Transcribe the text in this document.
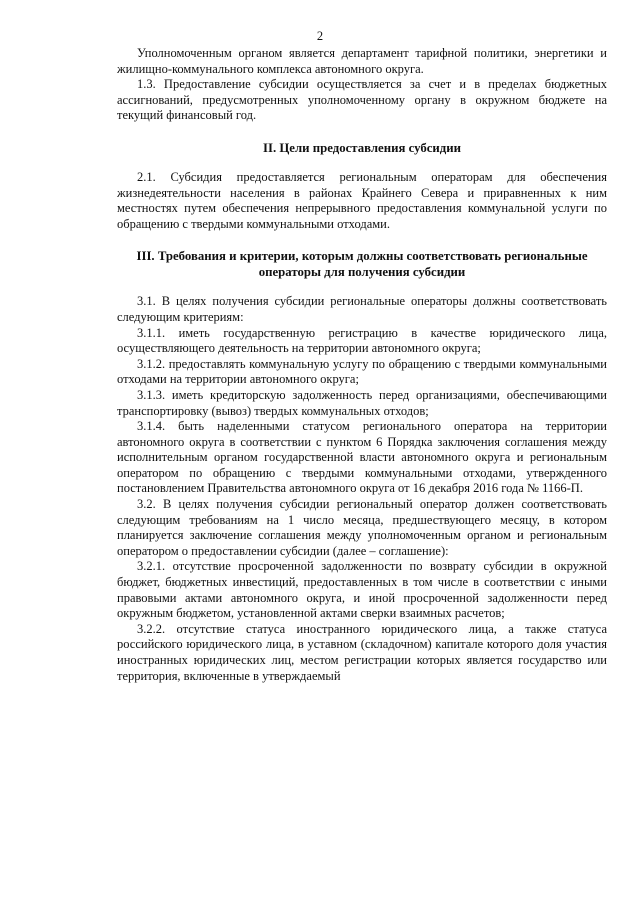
2

Уполномоченным органом является департамент тарифной политики, энергетики и жилищно-коммунального комплекса автономного округа.

1.3. Предоставление субсидии осуществляется за счет и в пределах бюджетных ассигнований, предусмотренных уполномоченному органу в окружном бюджете на текущий финансовый год.

II. Цели предоставления субсидии

2.1. Субсидия предоставляется региональным операторам для обеспечения жизнедеятельности населения в районах Крайнего Севера и приравненных к ним местностях путем обеспечения непрерывного предоставления коммунальной услуги по обращению с твердыми коммунальными отходами.

III. Требования и критерии, которым должны соответствовать региональные операторы для получения субсидии

3.1. В целях получения субсидии региональные операторы должны соответствовать следующим критериям:

3.1.1. иметь государственную регистрацию в качестве юридического лица, осуществляющего деятельность на территории автономного округа;

3.1.2. предоставлять коммунальную услугу по обращению с твердыми коммунальными отходами на территории автономного округа;

3.1.3. иметь кредиторскую задолженность перед организациями, обеспечивающими транспортировку (вывоз) твердых коммунальных отходов;

3.1.4. быть наделенными статусом регионального оператора на территории автономного округа в соответствии с пунктом 6 Порядка заключения соглашения между исполнительным органом государственной власти автономного округа и региональным оператором по обращению с твердыми коммунальными отходами, утвержденного постановлением Правительства автономного округа от 16 декабря 2016 года № 1166-П.

3.2. В целях получения субсидии региональный оператор должен соответствовать следующим требованиям на 1 число месяца, предшествующего месяцу, в котором планируется заключение соглашения между уполномоченным органом и региональным оператором о предоставлении субсидии (далее – соглашение):

3.2.1. отсутствие просроченной задолженности по возврату субсидии в окружной бюджет, бюджетных инвестиций, предоставленных в том числе в соответствии с иными правовыми актами автономного округа, и иной просроченной задолженности перед окружным бюджетом, установленной актами сверки взаимных расчетов;

3.2.2. отсутствие статуса иностранного юридического лица, а также статуса российского юридического лица, в уставном (складочном) капитале которого доля участия иностранных юридических лиц, местом регистрации которых является государство или территория, включенные в утверждаемый
